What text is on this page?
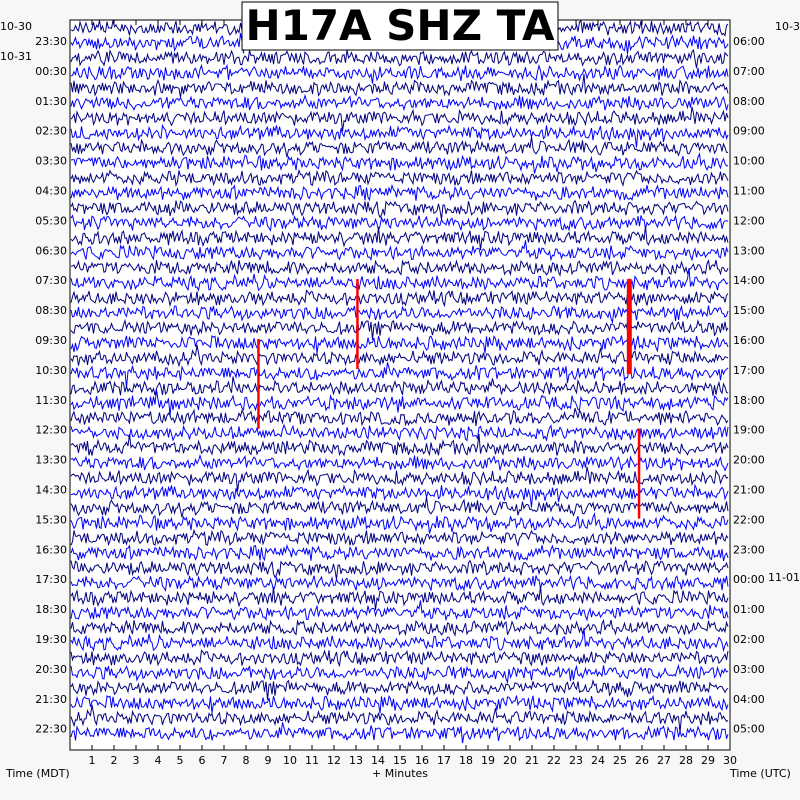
1 2 3 4 5 6 7 8 9 10 11 12 13 14 15 16 17 18 19 20 21 22 23 24 25 26 27 28 29 30
23:30
00:30
01:30
02:30
03:30
04:30
05:30
06:30
07:30
08:30
09:30
10:30
11:30
12:30
13:30
14:30
15:30
16:30
17:30
18:30
19:30
20:30
21:30
22:30
06:00
07:00
08:00
09:00
10:00
11:00
12:00
13:00
14:00
15:00
16:00
17:00
18:00
19:00
20:00
21:00
22:00
23:00
00:00
01:00
02:00
03:00
04:00
05:00
10-30
10-31
10-3
11-01
H17A SHZ TA
Time (MDT)	+ Minutes	Time (UTC)
